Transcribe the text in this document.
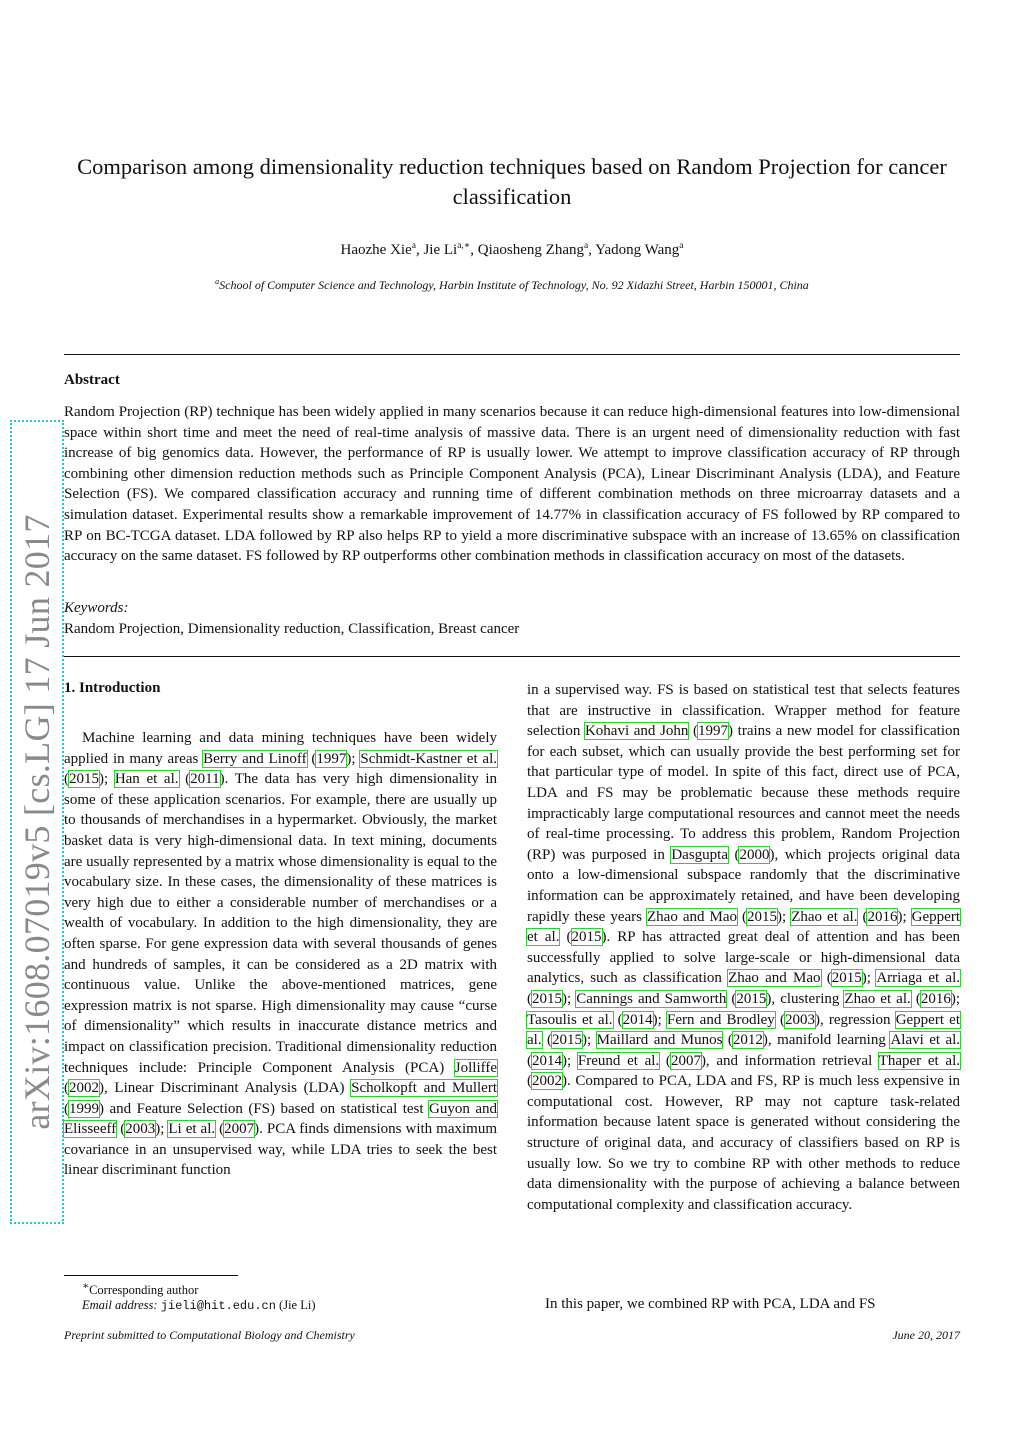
Comparison among dimensionality reduction techniques based on Random Projection for cancer classification
Haozhe Xie$^a$, Jie $Li^{a,∗}$, Qiaosheng Zhang$^a$, Yadong Wang$^a$
$^a$School of Computer Science and Technology, Harbin Institute of Technology, No. 92 Xidazhi Street, Harbin 150001, China
Abstract
Random Projection (RP) technique has been widely applied in many scenarios because it can reduce high-dimensional features into low-dimensional space within short time and meet the need of real-time analysis of massive data. There is an urgent need of dimensionality reduction with fast increase of big genomics data. However, the performance of RP is usually lower. We attempt to improve classification accuracy of RP through combining other dimension reduction methods such as Principle Component Analysis (PCA), Linear Discriminant Analysis (LDA), and Feature Selection (FS). We compared classification accuracy and running time of different combination methods on three microarray datasets and a simulation dataset. Experimental results show a remarkable improvement of 14.77% in classification accuracy of FS followed by RP compared to RP on BC-TCGA dataset. LDA followed by RP also helps RP to yield a more discriminative subspace with an increase of 13.65% on classification accuracy on the same dataset. FS followed by RP outperforms other combination methods in classification accuracy on most of the datasets.
Keywords:
Random Projection, Dimensionality reduction, Classification, Breast cancer
1. Introduction
Machine learning and data mining techniques have been widely applied in many areas Berry and Linoff (1997); Schmidt-Kastner et al. (2015); Han et al. (2011). The data has very high dimensionality in some of these application scenarios. For example, there are usually up to thousands of merchandises in a hypermarket. Obviously, the market basket data is very high-dimensional data. In text mining, documents are usually represented by a matrix whose dimensionality is equal to the vocabulary size. In these cases, the dimensionality of these matrices is very high due to either a considerable number of merchandises or a wealth of vocabulary. In addition to the high dimensionality, they are often sparse. For gene expression data with several thousands of genes and hundreds of samples, it can be considered as a 2D matrix with continuous value. Unlike the above-mentioned matrices, gene expression matrix is not sparse. High dimensionality may cause “curse of dimensionality” which results in inaccurate distance metrics and impact on classification precision. Traditional dimensionality reduction techniques include: Principle Component Analysis (PCA) Jolliffe (2002), Linear Discriminant Analysis (LDA) Scholkopft and Mullert (1999) and Feature Selection (FS) based on statistical test Guyon and Elisseeff (2003); Li et al. (2007). PCA finds dimensions with maximum covariance in an unsupervised way, while LDA tries to seek the best linear discriminant function
in a supervised way. FS is based on statistical test that selects features that are instructive in classification. Wrapper method for feature selection Kohavi and John (1997) trains a new model for classification for each subset, which can usually provide the best performing set for that particular type of model. In spite of this fact, direct use of PCA, LDA and FS may be problematic because these methods require impracticably large computational resources and cannot meet the needs of real-time processing. To address this problem, Random Projection (RP) was purposed in Dasgupta (2000), which projects original data onto a low-dimensional subspace randomly that the discriminative information can be approximately retained, and have been developing rapidly these years Zhao and Mao (2015); Zhao et al. (2016); Geppert et al. (2015). RP has attracted great deal of attention and has been successfully applied to solve large-scale or high-dimensional data analytics, such as classification Zhao and Mao (2015); Arriaga et al. (2015); Cannings and Samworth (2015), clustering Zhao et al. (2016); Tasoulis et al. (2014); Fern and Brodley (2003), regression Geppert et al. (2015); Maillard and Munos (2012), manifold learning Alavi et al. (2014); Freund et al. (2007), and information retrieval Thaper et al. (2002). Compared to PCA, LDA and FS, RP is much less expensive in computational cost. However, RP may not capture task-related information because latent space is generated without considering the structure of original data, and accuracy of classifiers based on RP is usually low. So we try to combine RP with other methods to reduce data dimensionality with the purpose of achieving a balance between computational complexity and classification accuracy.
In this paper, we combined RP with PCA, LDA and FS
∗Corresponding author
Email address: jieli@hit.edu.cn (Jie Li)
Preprint submitted to Computational Biology and Chemistry	June 20, 2017
arXiv:1608.07019v5 [cs.LG] 17 Jun 2017
